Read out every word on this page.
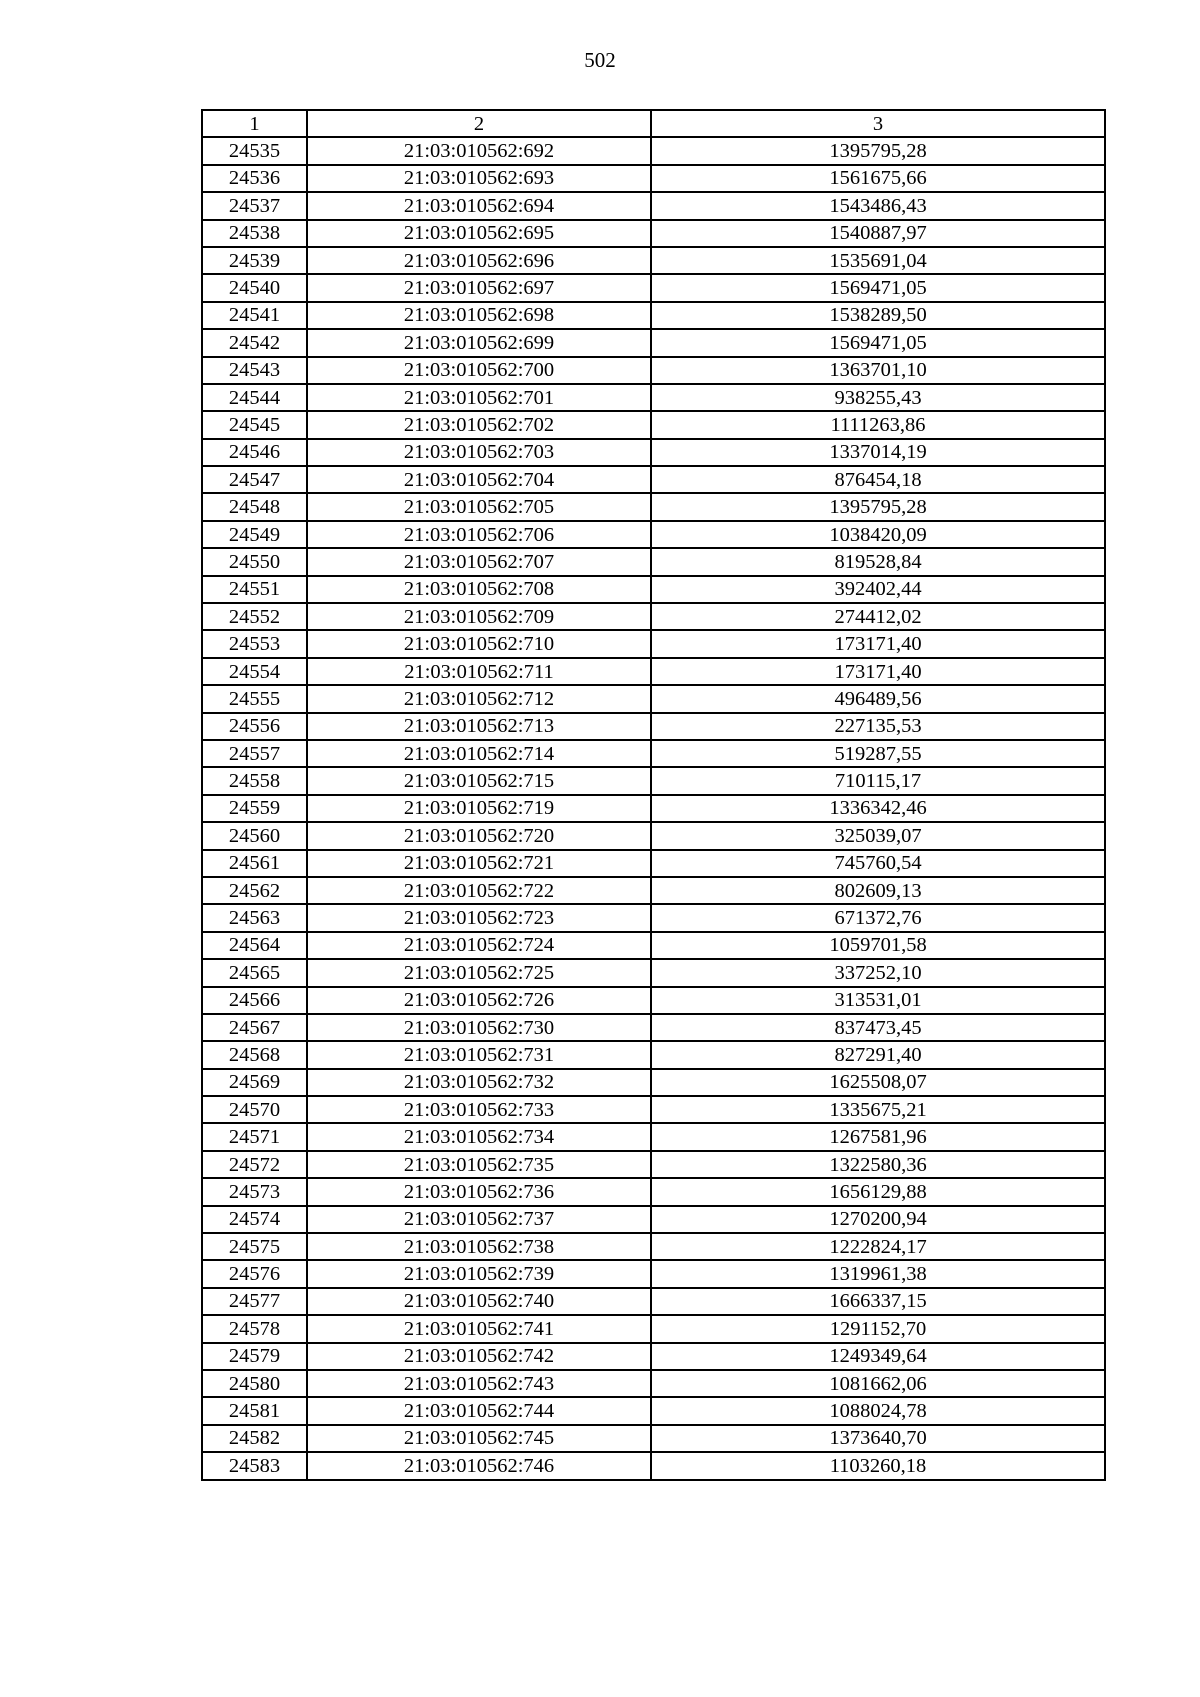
502
1	2	3
24535	21:03:010562:692	1395795,28
24536	21:03:010562:693	1561675,66
24537	21:03:010562:694	1543486,43
24538	21:03:010562:695	1540887,97
24539	21:03:010562:696	1535691,04
24540	21:03:010562:697	1569471,05
24541	21:03:010562:698	1538289,50
24542	21:03:010562:699	1569471,05
24543	21:03:010562:700	1363701,10
24544	21:03:010562:701	938255,43
24545	21:03:010562:702	1111263,86
24546	21:03:010562:703	1337014,19
24547	21:03:010562:704	876454,18
24548	21:03:010562:705	1395795,28
24549	21:03:010562:706	1038420,09
24550	21:03:010562:707	819528,84
24551	21:03:010562:708	392402,44
24552	21:03:010562:709	274412,02
24553	21:03:010562:710	173171,40
24554	21:03:010562:711	173171,40
24555	21:03:010562:712	496489,56
24556	21:03:010562:713	227135,53
24557	21:03:010562:714	519287,55
24558	21:03:010562:715	710115,17
24559	21:03:010562:719	1336342,46
24560	21:03:010562:720	325039,07
24561	21:03:010562:721	745760,54
24562	21:03:010562:722	802609,13
24563	21:03:010562:723	671372,76
24564	21:03:010562:724	1059701,58
24565	21:03:010562:725	337252,10
24566	21:03:010562:726	313531,01
24567	21:03:010562:730	837473,45
24568	21:03:010562:731	827291,40
24569	21:03:010562:732	1625508,07
24570	21:03:010562:733	1335675,21
24571	21:03:010562:734	1267581,96
24572	21:03:010562:735	1322580,36
24573	21:03:010562:736	1656129,88
24574	21:03:010562:737	1270200,94
24575	21:03:010562:738	1222824,17
24576	21:03:010562:739	1319961,38
24577	21:03:010562:740	1666337,15
24578	21:03:010562:741	1291152,70
24579	21:03:010562:742	1249349,64
24580	21:03:010562:743	1081662,06
24581	21:03:010562:744	1088024,78
24582	21:03:010562:745	1373640,70
24583	21:03:010562:746	1103260,18
